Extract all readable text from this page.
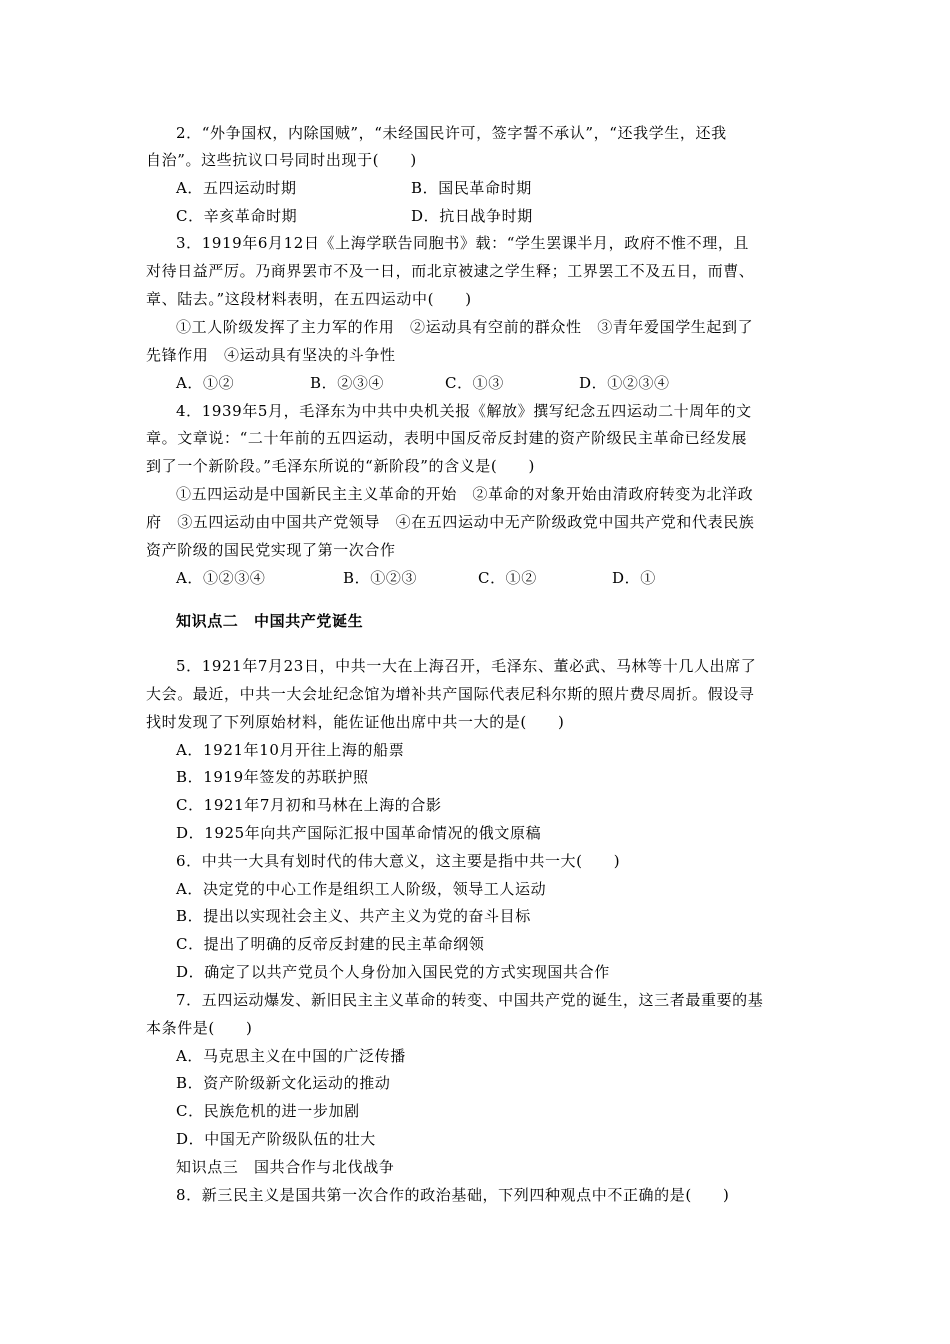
2．“外争国权，内除国贼”，“未经国民许可，签字誓不承认”，“还我学生，还我
自治”。这些抗议口号同时出现于(　　)
A．五四运动时期	B．国民革命时期
C．辛亥革命时期	D．抗日战争时期
3．1919年6月12日《上海学联告同胞书》载：“学生罢课半月，政府不惟不理，且
对待日益严厉。乃商界罢市不及一日，而北京被逮之学生释；工界罢工不及五日，而曹、
章、陆去。”这段材料表明，在五四运动中(　　)
①工人阶级发挥了主力军的作用　②运动具有空前的群众性　③青年爱国学生起到了
先锋作用　④运动具有坚决的斗争性
A．①②	B．②③④	C．①③	D．①②③④
4．1939年5月，毛泽东为中共中央机关报《解放》撰写纪念五四运动二十周年的文
章。文章说：“二十年前的五四运动，表明中国反帝反封建的资产阶级民主革命已经发展
到了一个新阶段。”毛泽东所说的“新阶段”的含义是(　　)
①五四运动是中国新民主主义革命的开始　②革命的对象开始由清政府转变为北洋政
府　③五四运动由中国共产党领导　④在五四运动中无产阶级政党中国共产党和代表民族
资产阶级的国民党实现了第一次合作
A．①②③④	B．①②③	C．①②	D．①
知识点二　中国共产党诞生
5．1921年7月23日，中共一大在上海召开，毛泽东、董必武、马林等十几人出席了
大会。最近，中共一大会址纪念馆为增补共产国际代表尼科尔斯的照片费尽周折。假设寻
找时发现了下列原始材料，能佐证他出席中共一大的是(　　)
A．1921年10月开往上海的船票
B．1919年签发的苏联护照
C．1921年7月初和马林在上海的合影
D．1925年向共产国际汇报中国革命情况的俄文原稿
6．中共一大具有划时代的伟大意义，这主要是指中共一大(　　)
A．决定党的中心工作是组织工人阶级，领导工人运动
B．提出以实现社会主义、共产主义为党的奋斗目标
C．提出了明确的反帝反封建的民主革命纲领
D．确定了以共产党员个人身份加入国民党的方式实现国共合作
7．五四运动爆发、新旧民主主义革命的转变、中国共产党的诞生，这三者最重要的基
本条件是(　　)
A．马克思主义在中国的广泛传播
B．资产阶级新文化运动的推动
C．民族危机的进一步加剧
D．中国无产阶级队伍的壮大
知识点三　国共合作与北伐战争
8．新三民主义是国共第一次合作的政治基础，下列四种观点中不正确的是(　　)
